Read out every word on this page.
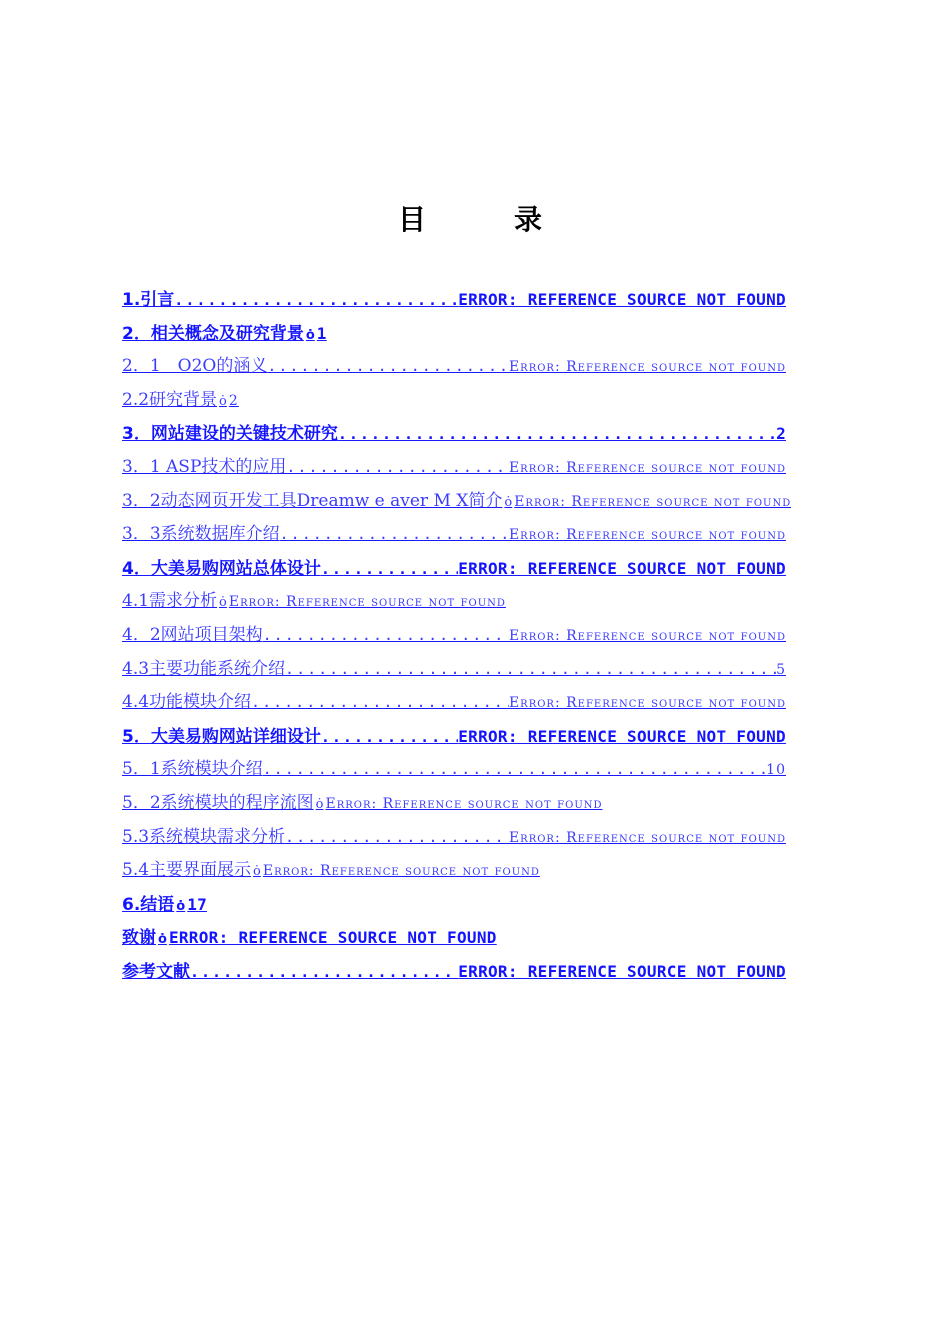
目　录
1.引言 .....	ERROR: REFERENCE SOURCE NOT FOUND
2．相关概念及研究背景 ȯ 1
2．1　O2O的涵义 .....	Error: Reference source not found
2.2研究背景 ȯ 2
3．网站建设的关键技术研究 .....	2
3．1 ASP技术的应用 .....	Error: Reference source not found
3．2动态网页开发工具Dreamw e aver M X简介 ȯ Error: Reference source not found
3．3系统数据库介绍 .....	Error: Reference source not found
4．大美易购网站总体设计 .....	ERROR: REFERENCE SOURCE NOT FOUND
4.1需求分析 ȯ Error: Reference source not found
4．2网站项目架构 .....	Error: Reference source not found
4.3主要功能系统介绍 .....	5
4.4功能模块介绍 .....	Error: Reference source not found
5．大美易购网站详细设计 .....	ERROR: REFERENCE SOURCE NOT FOUND
5．1系统模块介绍 .....	10
5．2系统模块的程序流图 ȯ Error: Reference source not found
5.3系统模块需求分析 .....	Error: Reference source not found
5.4主要界面展示 ȯ Error: Reference source not found
6.结语 ȯ 17
致谢 ȯ ERROR: REFERENCE SOURCE NOT FOUND
参考文献 .....	ERROR: REFERENCE SOURCE NOT FOUND
